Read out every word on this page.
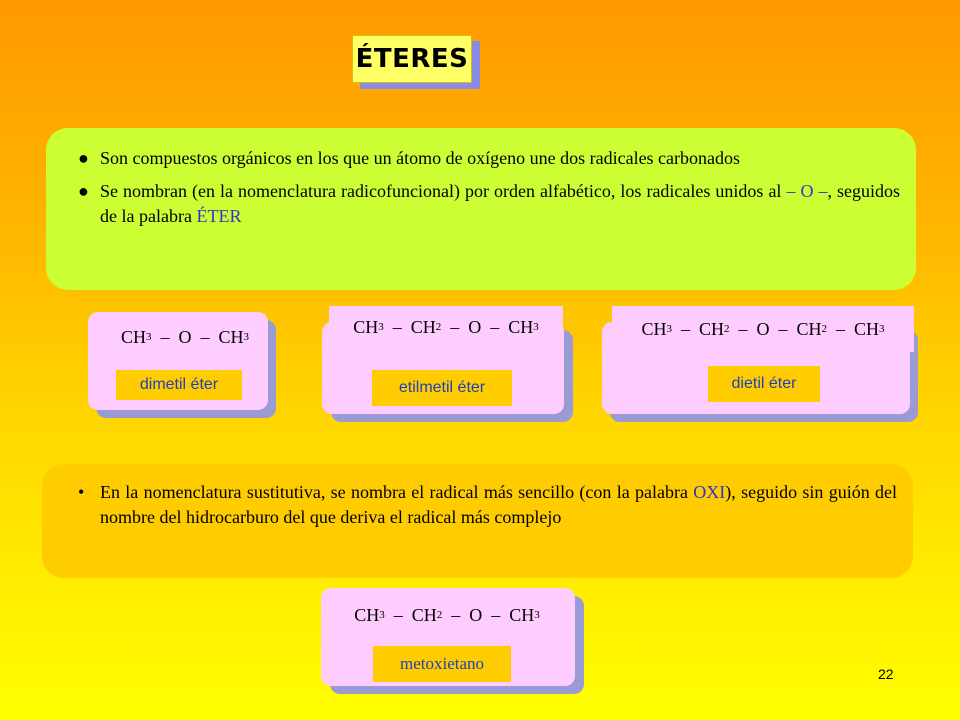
ÉTERES

● Son compuestos orgánicos en los que un átomo de oxígeno une dos radicales carbonados

● Se nombran (en la nomenclatura radicofuncional) por orden alfabético, los radicales unidos al – O –, seguidos de la palabra ÉTER

CH 3 –  O  –  CH 3
dimetil éter
CH 3 –  CH 2 –  O  –  CH 3
etilmetil éter
CH 3 –  CH 2 –  O  –  CH 2 –  CH 3
dietil éter

• En la nomenclatura sustitutiva, se nombra el radical más sencillo (con la palabra OXI), seguido sin guión del nombre del hidrocarburo del que deriva el radical más complejo

CH 3 –  CH 2 –  O  –  CH 3
metoxietano
22
